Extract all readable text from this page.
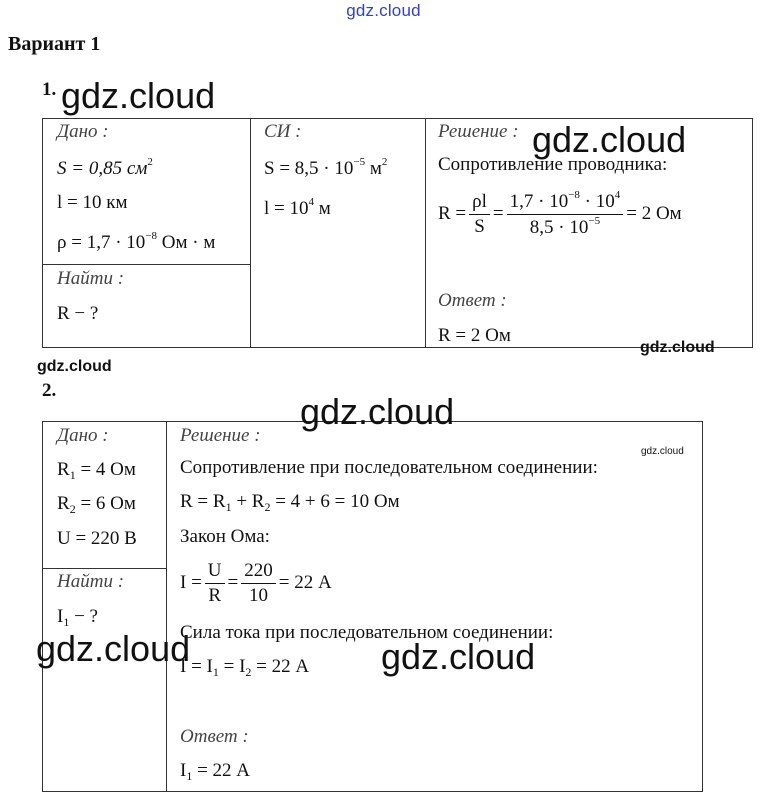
gdz.cloud
Вариант 1
1.
Дано :
S = 0,85 $см^2$
l = 10 км
$\rho = 1,7 \cdot 10^{-8}$ Ом · м
Найти :
R − ?
СИ :
$S = 8,5 \cdot 10^{-5}$ $м^2$
$l = 10^4$ м
Решение :
Сопротивление проводника:
$R = \frac{\rho l}{S} = \frac{1,7 \cdot 10^{-8} \cdot 10^4}{8,5 \cdot 10^{-5}} = 2$ Ом
Ответ :
R = 2 Ом
2.
Дано :
$R_1 = 4$ Ом
$R_2 = 6$ Ом
U = 220 В
Найти :
$I_1$ − ?
Решение :
Сопротивление при последовательном соединении:
$R = R_1 + R_2 = 4 + 6 = 10$ Ом
Закон Ома:
$I = \frac{U}{R} = \frac{220}{10} = 22$ А
Сила тока при последовательном соединении:
$I = I_1 = I_2 = 22$ А
Ответ :
$I_1 = 22$ А
gdz.cloud
gdz.cloud
gdz.cloud
gdz.cloud
gdz.cloud
gdz.cloud
gdz.cloud	gdz.cloud
